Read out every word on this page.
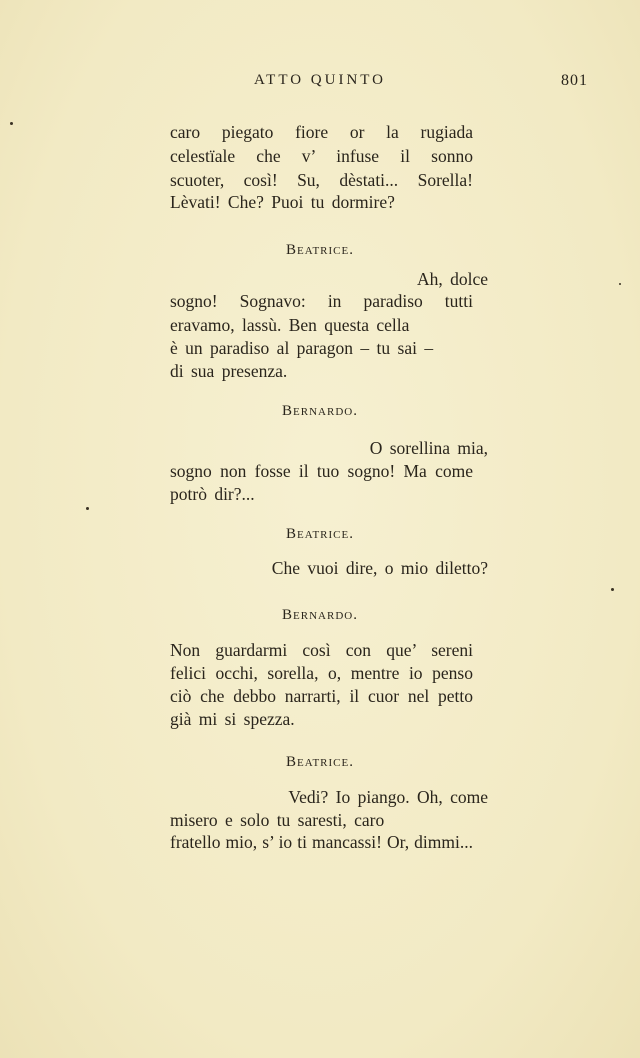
ATTO QUINTO	801
caro piegato fiore or la rugiada
celestïale che v’ infuse il sonno
scuoter, così! Su, dèstati... Sorella!
Lèvati! Che? Puoi tu dormire?
Beatrice.
Ah, dolce
sogno! Sognavo: in paradiso tutti
eravamo, lassù. Ben questa cella
è un paradiso al paragon – tu sai –
di sua presenza.
Bernardo.
O sorellina mia,
sogno non fosse il tuo sogno! Ma come
potrò dir?...
Beatrice.
Che vuoi dire, o mio diletto?
Bernardo.
Non guardarmi così con que’ sereni
felici occhi, sorella, o, mentre io penso
ciò che debbo narrarti, il cuor nel petto
già mi si spezza.
Beatrice.
Vedi? Io piango. Oh, come
misero e solo tu saresti, caro
fratello mio, s’ io ti mancassi! Or, dimmi...
